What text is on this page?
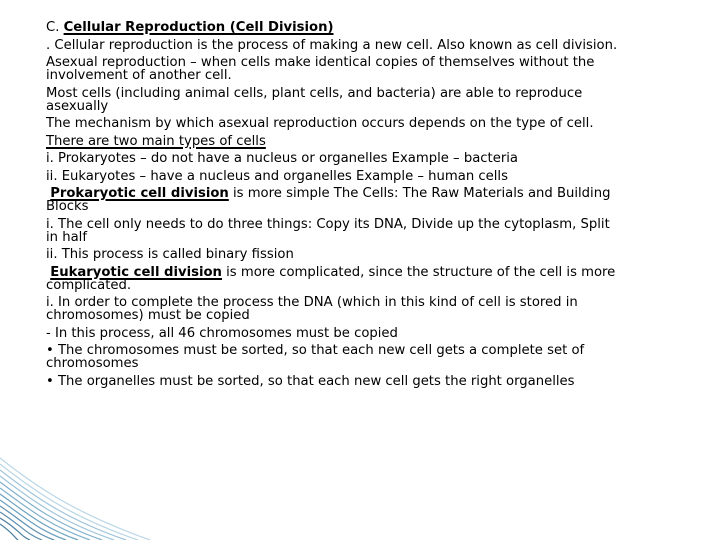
C. Cellular Reproduction (Cell Division)

. Cellular reproduction is the process of making a new cell. Also known as cell division.

Asexual reproduction – when cells make identical copies of themselves without the

involvement of another cell.

Most cells (including animal cells, plant cells, and bacteria) are able to reproduce

asexually

The mechanism by which asexual reproduction occurs depends on the type of cell.

There are two main types of cells

i. Prokaryotes – do not have a nucleus or organelles Example – bacteria

ii. Eukaryotes – have a nucleus and organelles Example – human cells

Prokaryotic cell division is more simple The Cells: The Raw Materials and Building

Blocks

i. The cell only needs to do three things: Copy its DNA, Divide up the cytoplasm, Split

in half

ii. This process is called binary fission

Eukaryotic cell division is more complicated, since the structure of the cell is more

complicated.

i. In order to complete the process the DNA (which in this kind of cell is stored in

chromosomes) must be copied

- In this process, all 46 chromosomes must be copied

• The chromosomes must be sorted, so that each new cell gets a complete set of

chromosomes

• The organelles must be sorted, so that each new cell gets the right organelles
